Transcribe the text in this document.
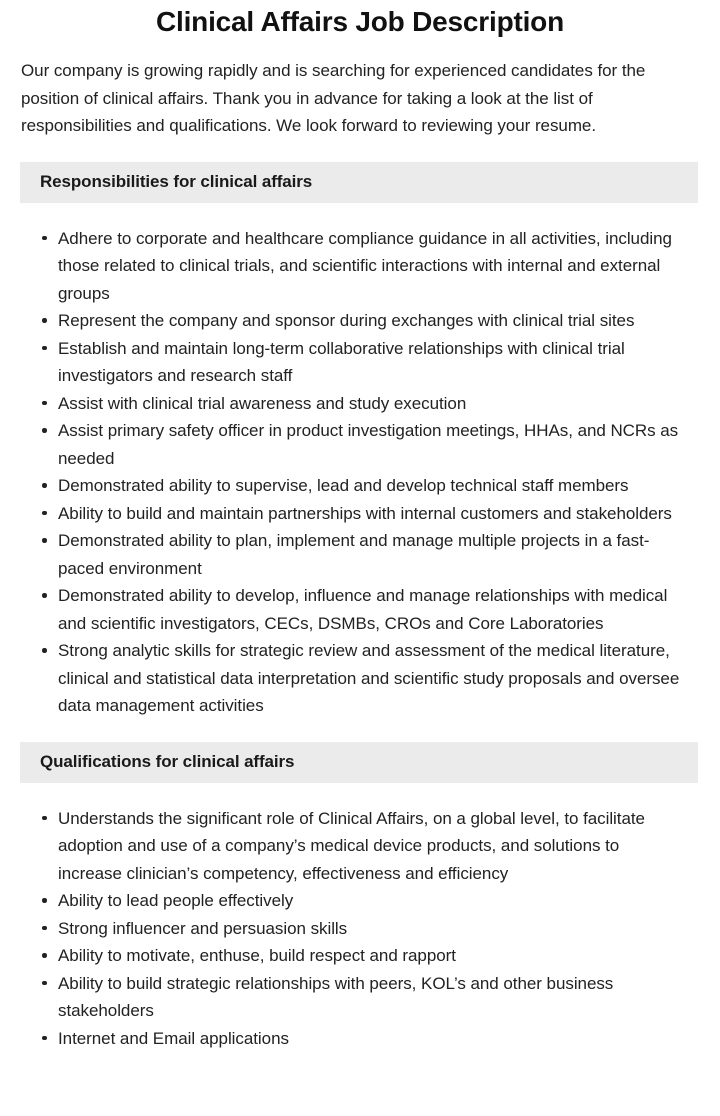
Clinical Affairs Job Description

Our company is growing rapidly and is searching for experienced candidates for the position of clinical affairs. Thank you in advance for taking a look at the list of responsibilities and qualifications. We look forward to reviewing your resume.

Responsibilities for clinical affairs
Adhere to corporate and healthcare compliance guidance in all activities, including those related to clinical trials, and scientific interactions with internal and external groups
Represent the company and sponsor during exchanges with clinical trial sites
Establish and maintain long-term collaborative relationships with clinical trial investigators and research staff
Assist with clinical trial awareness and study execution
Assist primary safety officer in product investigation meetings, HHAs, and NCRs as needed
Demonstrated ability to supervise, lead and develop technical staff members
Ability to build and maintain partnerships with internal customers and stakeholders
Demonstrated ability to plan, implement and manage multiple projects in a fast-paced environment
Demonstrated ability to develop, influence and manage relationships with medical and scientific investigators, CECs, DSMBs, CROs and Core Laboratories
Strong analytic skills for strategic review and assessment of the medical literature, clinical and statistical data interpretation and scientific study proposals and oversee data management activities
Qualifications for clinical affairs
Understands the significant role of Clinical Affairs, on a global level, to facilitate adoption and use of a company’s medical device products, and solutions to increase clinician’s competency, effectiveness and efficiency
Ability to lead people effectively
Strong influencer and persuasion skills
Ability to motivate, enthuse, build respect and rapport
Ability to build strategic relationships with peers, KOL’s and other business stakeholders
Internet and Email applications
